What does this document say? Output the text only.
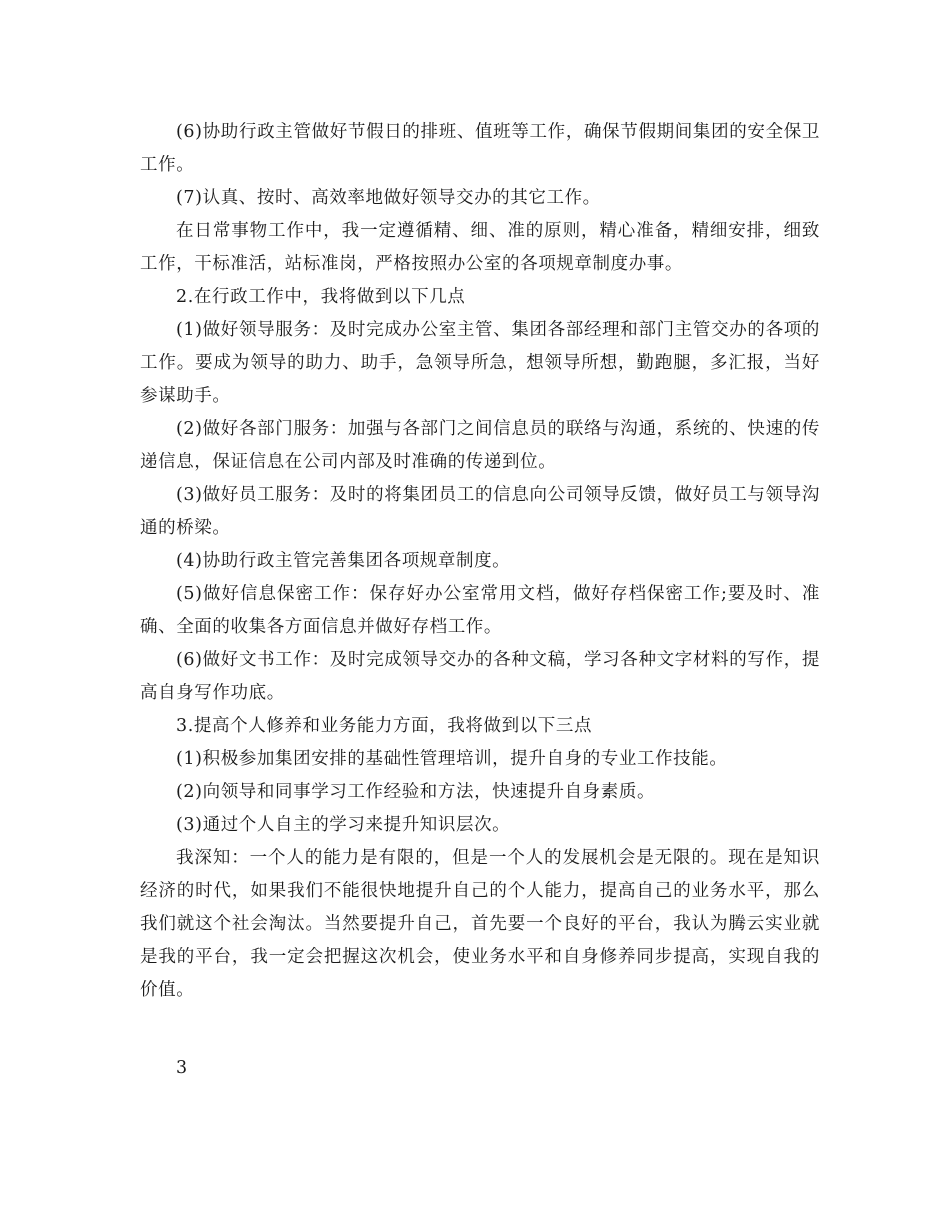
(6)协助行政主管做好节假日的排班、值班等工作，确保节假期间集团的安全保卫工作。

(7)认真、按时、高效率地做好领导交办的其它工作。

在日常事物工作中，我一定遵循精、细、准的原则，精心准备，精细安排，细致工作，干标准活，站标准岗，严格按照办公室的各项规章制度办事。

2.在行政工作中，我将做到以下几点

(1)做好领导服务：及时完成办公室主管、集团各部经理和部门主管交办的各项的工作。要成为领导的助力、助手，急领导所急，想领导所想，勤跑腿，多汇报，当好参谋助手。

(2)做好各部门服务：加强与各部门之间信息员的联络与沟通，系统的、快速的传递信息，保证信息在公司内部及时准确的传递到位。

(3)做好员工服务：及时的将集团员工的信息向公司领导反馈，做好员工与领导沟通的桥梁。

(4)协助行政主管完善集团各项规章制度。

(5)做好信息保密工作：保存好办公室常用文档，做好存档保密工作;要及时、准确、全面的收集各方面信息并做好存档工作。

(6)做好文书工作：及时完成领导交办的各种文稿，学习各种文字材料的写作，提高自身写作功底。

3.提高个人修养和业务能力方面，我将做到以下三点

(1)积极参加集团安排的基础性管理培训，提升自身的专业工作技能。

(2)向领导和同事学习工作经验和方法，快速提升自身素质。

(3)通过个人自主的学习来提升知识层次。

我深知：一个人的能力是有限的，但是一个人的发展机会是无限的。现在是知识经济的时代，如果我们不能很快地提升自己的个人能力，提高自己的业务水平，那么我们就这个社会淘汰。当然要提升自己，首先要一个良好的平台，我认为腾云实业就是我的平台，我一定会把握这次机会，使业务水平和自身修养同步提高，实现自我的价值。

3
